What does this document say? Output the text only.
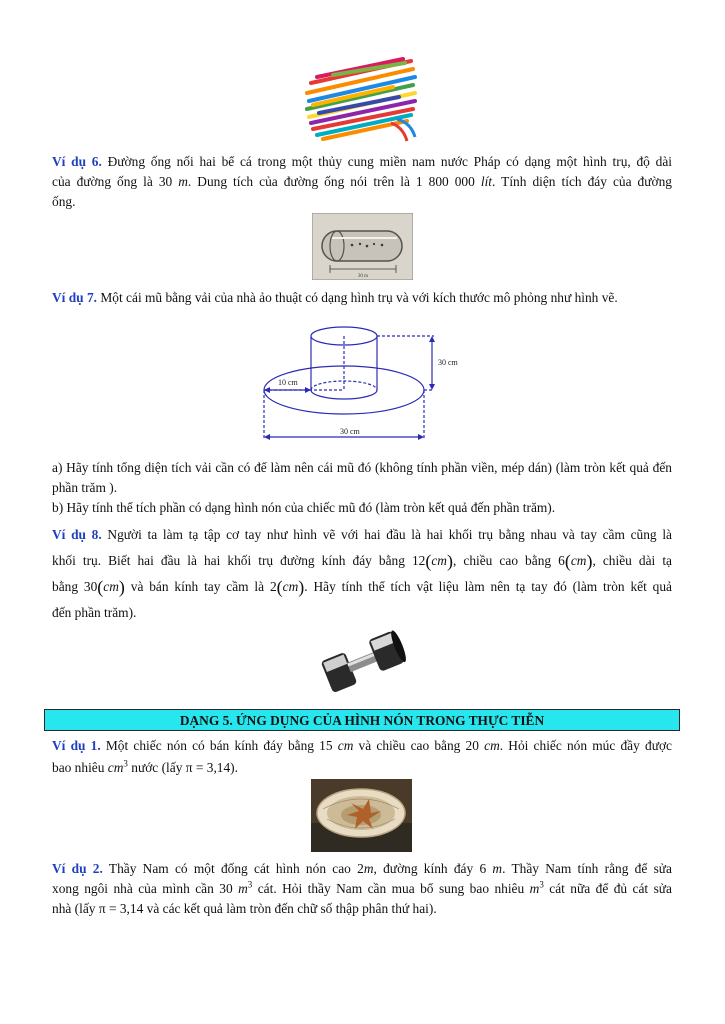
Ví dụ 6. Đường ống nối hai bể cá trong một thủy cung miền nam nước Pháp có dạng một hình trụ, độ dài
của đường ống là 30 m. Dung tích của đường ống nói trên là 1 800 000 lít. Tính diện tích đáy của đường
ống.
30 m
Ví dụ 7. Một cái mũ bằng vải của nhà ảo thuật có dạng hình trụ và với kích thước mô phỏng như hình vẽ.
30 cm
10 cm
30 cm
a) Hãy tính tổng diện tích vải cần có để làm nên cái mũ đó (không tính phần viền, mép dán) (làm tròn kết quả đến
phần trăm ).
b) Hãy tính thể tích phần có dạng hình nón của chiếc mũ đó (làm tròn kết quả đến phần trăm).
Ví dụ 8. Người ta làm tạ tập cơ tay như hình vẽ với hai đầu là hai khối trụ bằng nhau và tay cầm cũng là
khối trụ. Biết hai đầu là hai khối trụ đường kính đáy bằng 12(cm), chiều cao bằng 6(cm), chiều dài tạ
bằng 30(cm) và bán kính tay cầm là 2(cm). Hãy tính thể tích vật liệu làm nên tạ tay đó (làm tròn kết quả
đến phần trăm).
DẠNG 5. ỨNG DỤNG CỦA HÌNH NÓN TRONG THỰC TIỄN
Ví dụ 1. Một chiếc nón có bán kính đáy bằng 15 cm và chiều cao bằng 20 cm. Hỏi chiếc nón múc đầy được
bao nhiêu $cm^3$ nước (lấy π = 3,14).
Ví dụ 2. Thầy Nam có một đống cát hình nón cao 2m, đường kính đáy 6 m. Thầy Nam tính rằng để sửa
xong ngôi nhà của mình cần 30 $m^3$ cát. Hỏi thầy Nam cần mua bổ sung bao nhiêu $m^3$ cát nữa để đủ cát sửa
nhà (lấy π = 3,14 và các kết quả làm tròn đến chữ số thập phân thứ hai).
